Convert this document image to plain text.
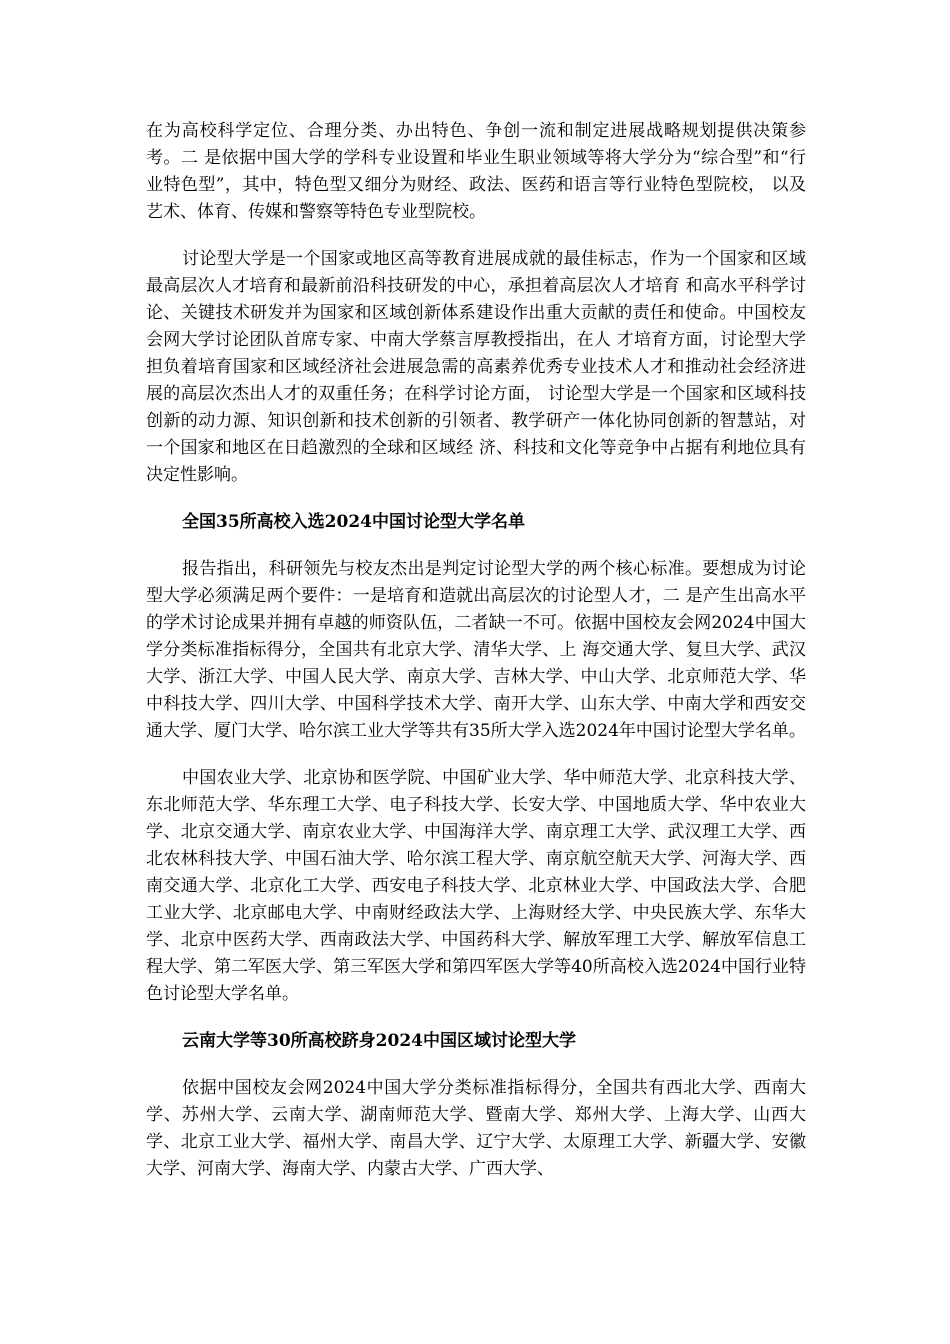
在为高校科学定位、合理分类、办出特色、争创一流和制定进展战略规划提供决策参考。二 是依据中国大学的学科专业设置和毕业生职业领域等将大学分为“综合型”和“行业特色型”，其中，特色型又细分为财经、政法、医药和语言等行业特色型院校， 以及艺术、体育、传媒和警察等特色专业型院校。

讨论型大学是一个国家或地区高等教育进展成就的最佳标志，作为一个国家和区域最高层次人才培育和最新前沿科技研发的中心，承担着高层次人才培育 和高水平科学讨论、关键技术研发并为国家和区域创新体系建设作出重大贡献的责任和使命。中国校友会网大学讨论团队首席专家、中南大学蔡言厚教授指出，在人 才培育方面，讨论型大学担负着培育国家和区域经济社会进展急需的高素养优秀专业技术人才和推动社会经济进展的高层次杰出人才的双重任务；在科学讨论方面， 讨论型大学是一个国家和区域科技创新的动力源、知识创新和技术创新的引领者、教学研产一体化协同创新的智慧站，对一个国家和地区在日趋激烈的全球和区域经 济、科技和文化等竞争中占据有利地位具有决定性影响。

全国35所高校入选2024中国讨论型大学名单

报告指出，科研领先与校友杰出是判定讨论型大学的两个核心标准。要想成为讨论型大学必须满足两个要件：一是培育和造就出高层次的讨论型人才，二 是产生出高水平的学术讨论成果并拥有卓越的师资队伍，二者缺一不可。依据中国校友会网2024中国大学分类标准指标得分，全国共有北京大学、清华大学、上 海交通大学、复旦大学、武汉大学、浙江大学、中国人民大学、南京大学、吉林大学、中山大学、北京师范大学、华中科技大学、四川大学、中国科学技术大学、南开大学、山东大学、中南大学和西安交通大学、厦门大学、哈尔滨工业大学等共有35所大学入选2024年中国讨论型大学名单。

中国农业大学、北京协和医学院、中国矿业大学、华中师范大学、北京科技大学、东北师范大学、华东理工大学、电子科技大学、长安大学、中国地质大学、华中农业大学、北京交通大学、南京农业大学、中国海洋大学、南京理工大学、武汉理工大学、西北农林科技大学、中国石油大学、哈尔滨工程大学、南京航空航天大学、河海大学、西南交通大学、北京化工大学、西安电子科技大学、北京林业大学、中国政法大学、合肥工业大学、北京邮电大学、中南财经政法大学、上海财经大学、中央民族大学、东华大学、北京中医药大学、西南政法大学、中国药科大学、解放军理工大学、解放军信息工程大学、第二军医大学、第三军医大学和第四军医大学等40所高校入选2024中国行业特色讨论型大学名单。

云南大学等30所高校跻身2024中国区域讨论型大学

依据中国校友会网2024中国大学分类标准指标得分，全国共有西北大学、西南大学、苏州大学、云南大学、湖南师范大学、暨南大学、郑州大学、上海大学、山西大学、北京工业大学、福州大学、南昌大学、辽宁大学、太原理工大学、新疆大学、安徽大学、河南大学、海南大学、内蒙古大学、广西大学、
